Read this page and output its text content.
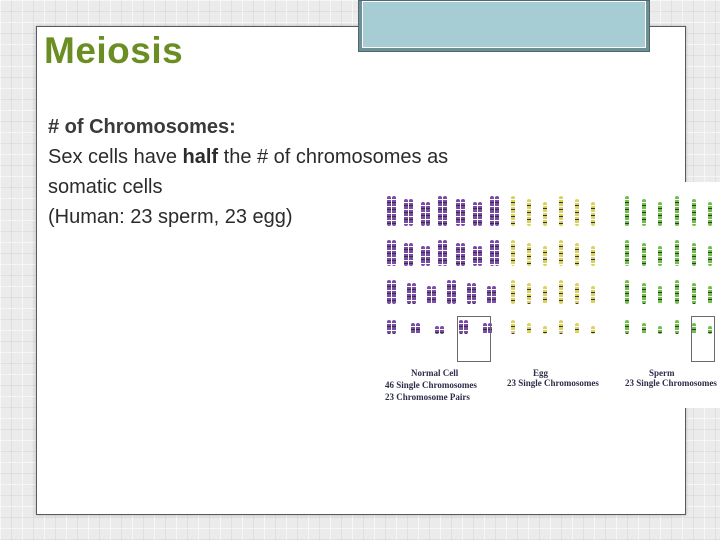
Meiosis
# of Chromosomes:
Sex cells have half the # of chromosomes as
somatic cells
(Human: 23 sperm, 23 egg)
Normal Cell
46 Single Chromosomes
23 Chromosome Pairs
Egg
23 Single Chromosomes
Sperm
23 Single Chromosomes
